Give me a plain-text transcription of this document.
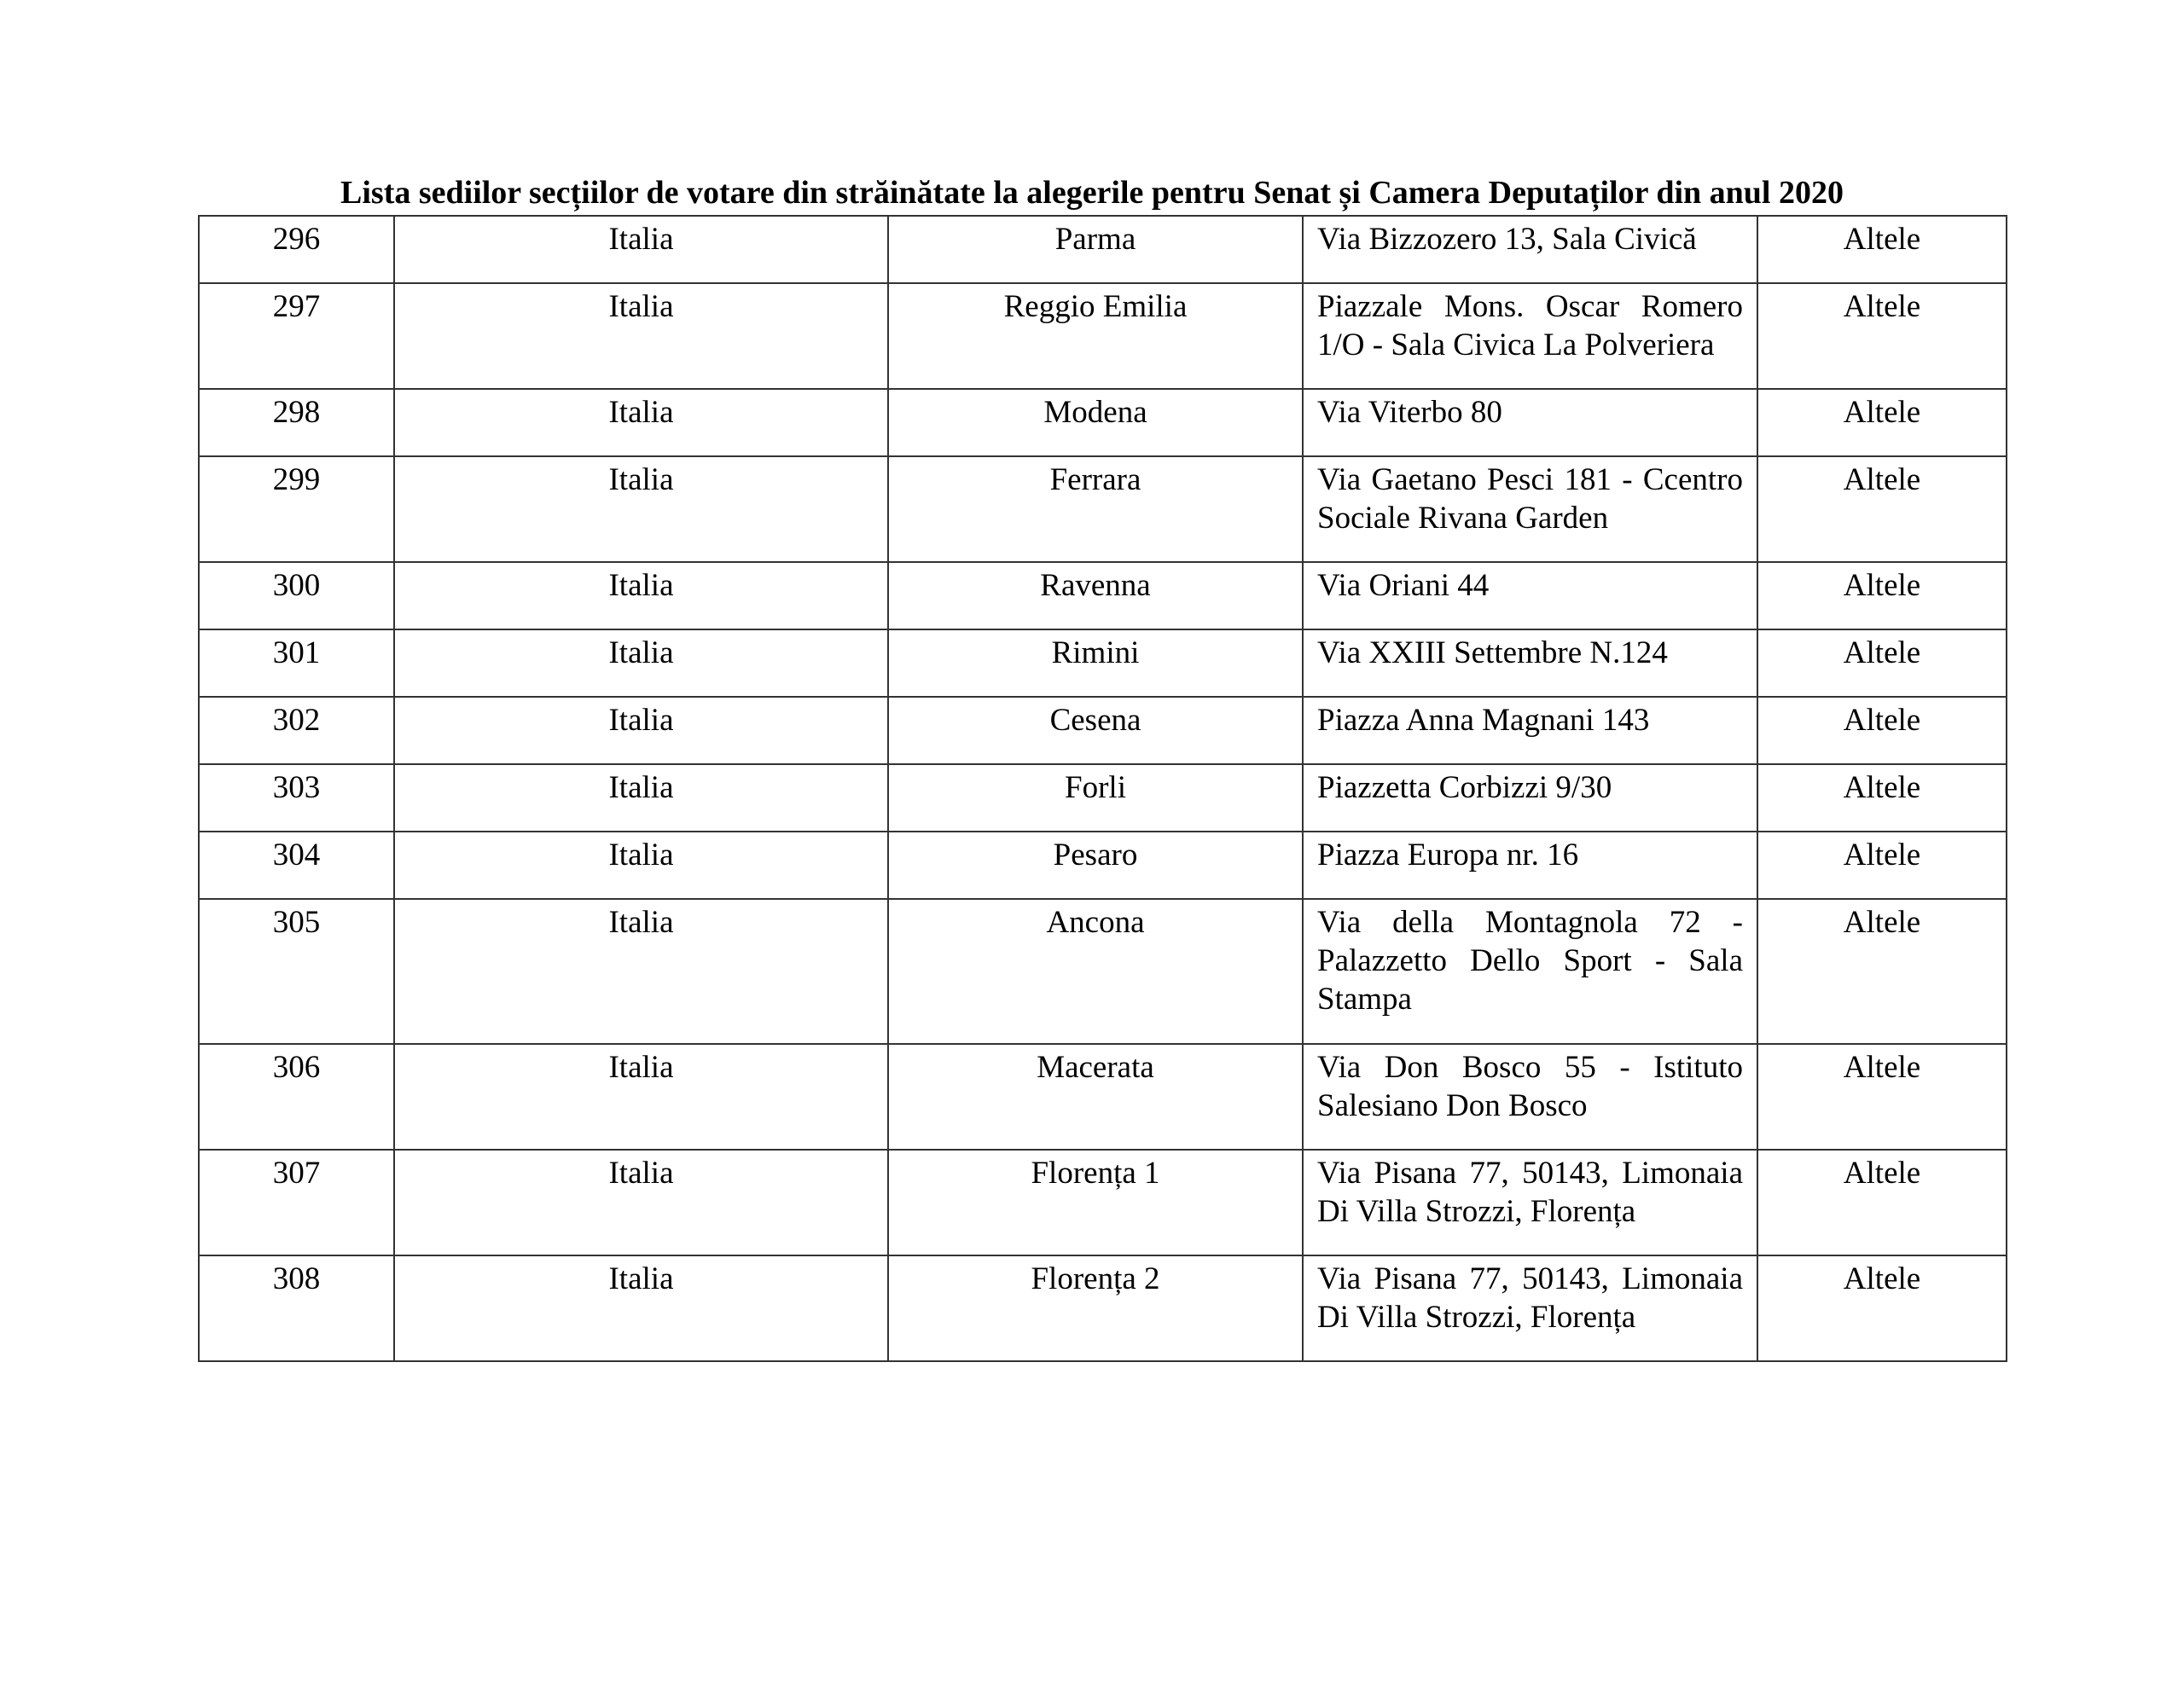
Lista sediilor secțiilor de votare din străinătate la alegerile pentru Senat și Camera Deputaților din anul 2020
296	Italia	Parma	Via Bizzozero 13, Sala Civică	Altele
297	Italia	Reggio Emilia	Piazzale Mons. Oscar Romero 1/O - Sala Civica La Polveriera	Altele
298	Italia	Modena	Via Viterbo 80	Altele
299	Italia	Ferrara	Via Gaetano Pesci 181 - Ccentro Sociale Rivana Garden	Altele
300	Italia	Ravenna	Via Oriani 44	Altele
301	Italia	Rimini	Via XXIII Settembre N.124	Altele
302	Italia	Cesena	Piazza Anna Magnani 143	Altele
303	Italia	Forli	Piazzetta Corbizzi 9/30	Altele
304	Italia	Pesaro	Piazza Europa nr. 16	Altele
305	Italia	Ancona	Via della Montagnola 72 - Palazzetto Dello Sport - Sala Stampa	Altele
306	Italia	Macerata	Via Don Bosco 55 - Istituto Salesiano Don Bosco	Altele
307	Italia	Florența 1	Via Pisana 77, 50143, Limonaia Di Villa Strozzi, Florența	Altele
308	Italia	Florența 2	Via Pisana 77, 50143, Limonaia Di Villa Strozzi, Florența	Altele
